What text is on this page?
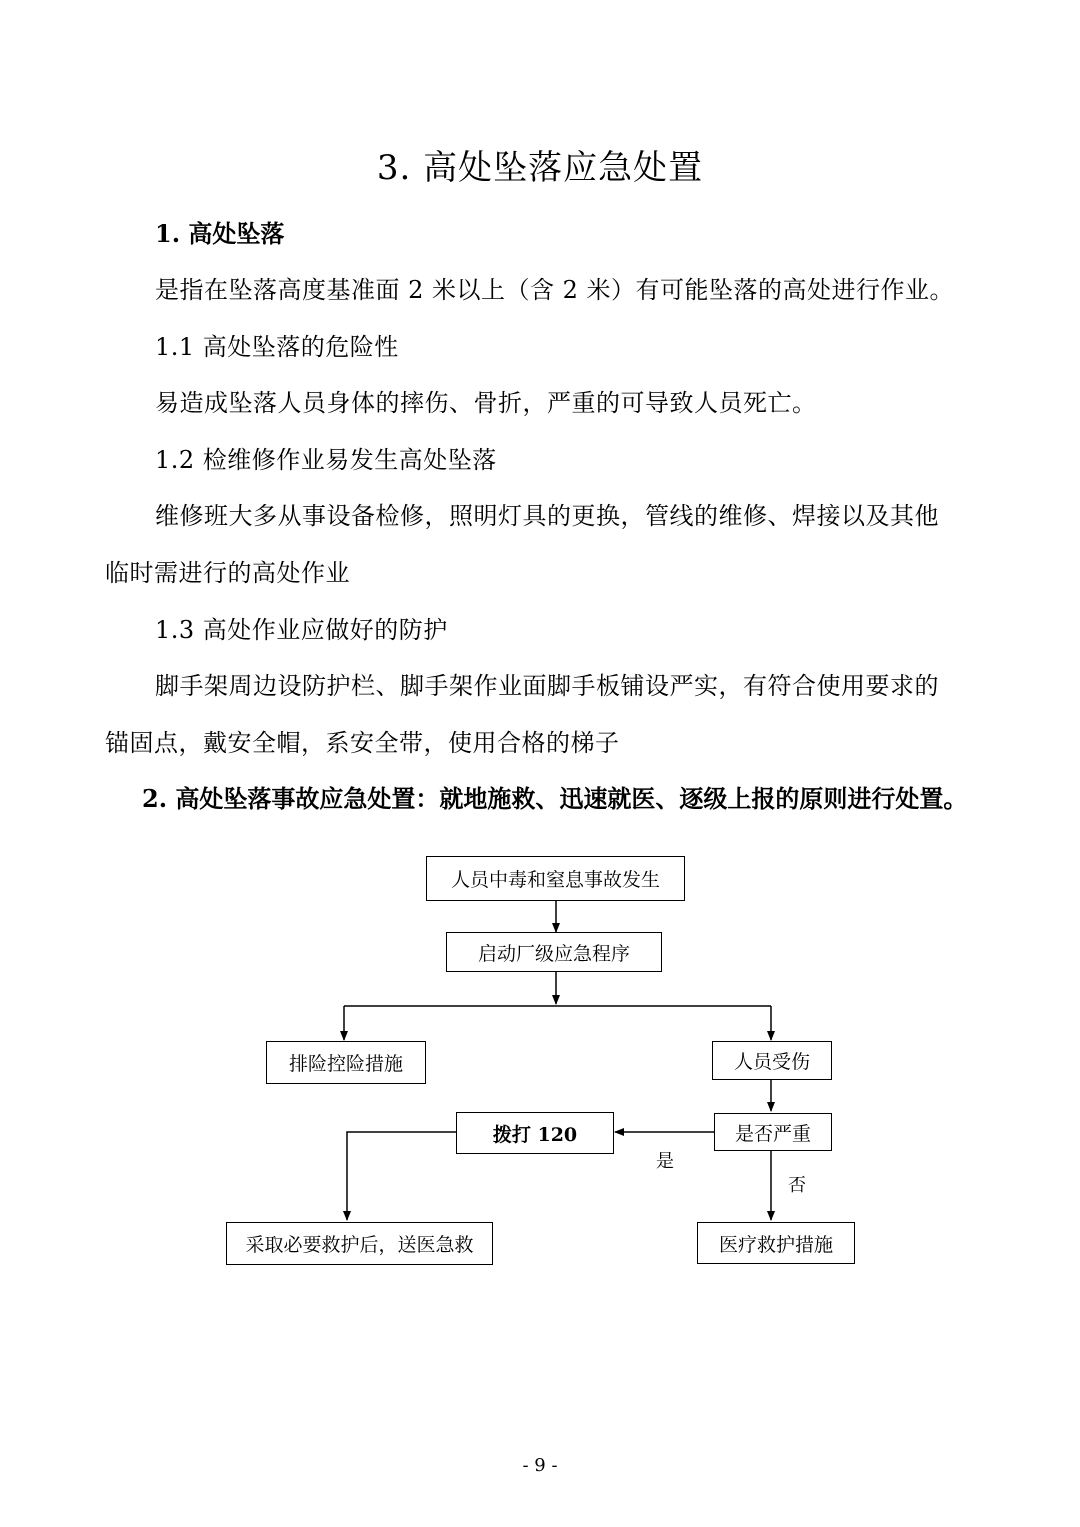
3. 高处坠落应急处置
1. 高处坠落
是指在坠落高度基准面 2 米以上（含 2 米）有可能坠落的高处进行作业。
1.1 高处坠落的危险性
易造成坠落人员身体的摔伤、骨折，严重的可导致人员死亡。
1.2 检维修作业易发生高处坠落
维修班大多从事设备检修，照明灯具的更换，管线的维修、焊接以及其他
临时需进行的高处作业
1.3 高处作业应做好的防护
脚手架周边设防护栏、脚手架作业面脚手板铺设严实，有符合使用要求的
锚固点，戴安全帽，系安全带，使用合格的梯子
2. 高处坠落事故应急处置：就地施救、迅速就医、逐级上报的原则进行处置。
人员中毒和窒息事故发生
启动厂级应急程序
排险控险措施	人员受伤
是否严重
拨打 120
采取必要救护后，送医急救	医疗救护措施
是
否
- 9 -
